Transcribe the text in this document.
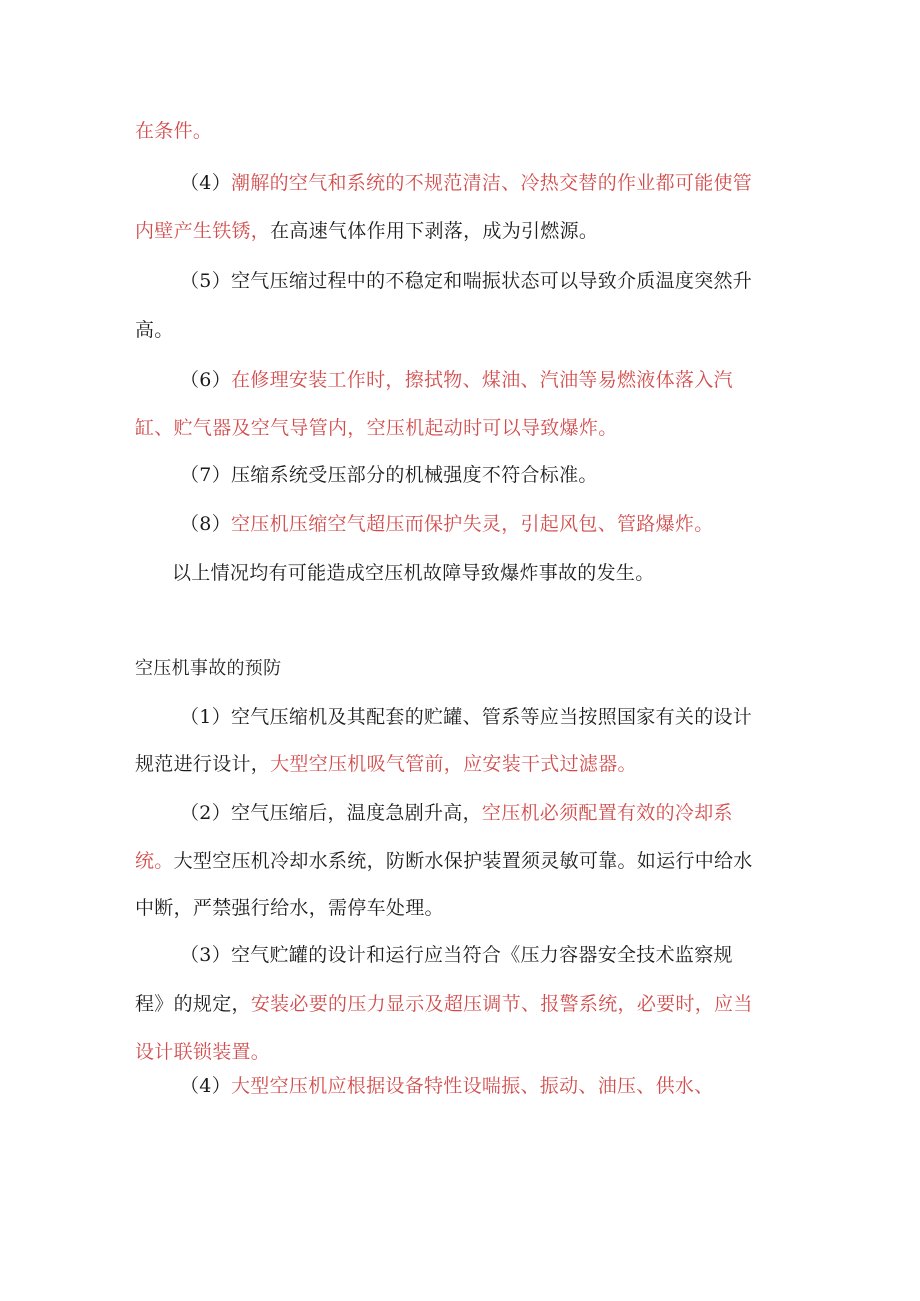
在条件。
（4）潮解的空气和系统的不规范清洁、冷热交替的作业都可能使管
内壁产生铁锈，在高速气体作用下剥落，成为引燃源。
（5）空气压缩过程中的不稳定和喘振状态可以导致介质温度突然升
高。
（6）在修理安装工作时，擦拭物、煤油、汽油等易燃液体落入汽
缸、贮气器及空气导管内，空压机起动时可以导致爆炸。
（7）压缩系统受压部分的机械强度不符合标准。
（8）空压机压缩空气超压而保护失灵，引起风包、管路爆炸。
以上情况均有可能造成空压机故障导致爆炸事故的发生。
空压机事故的预防
（1）空气压缩机及其配套的贮罐、管系等应当按照国家有关的设计
规范进行设计，大型空压机吸气管前，应安装干式过滤器。
（2）空气压缩后，温度急剧升高，空压机必须配置有效的冷却系
统。大型空压机冷却水系统，防断水保护装置须灵敏可靠。如运行中给水
中断，严禁强行给水，需停车处理。
（3）空气贮罐的设计和运行应当符合《压力容器安全技术监察规
程》的规定，安装必要的压力显示及超压调节、报警系统，必要时，应当
设计联锁装置。
（4）大型空压机应根据设备特性设喘振、振动、油压、供水、
